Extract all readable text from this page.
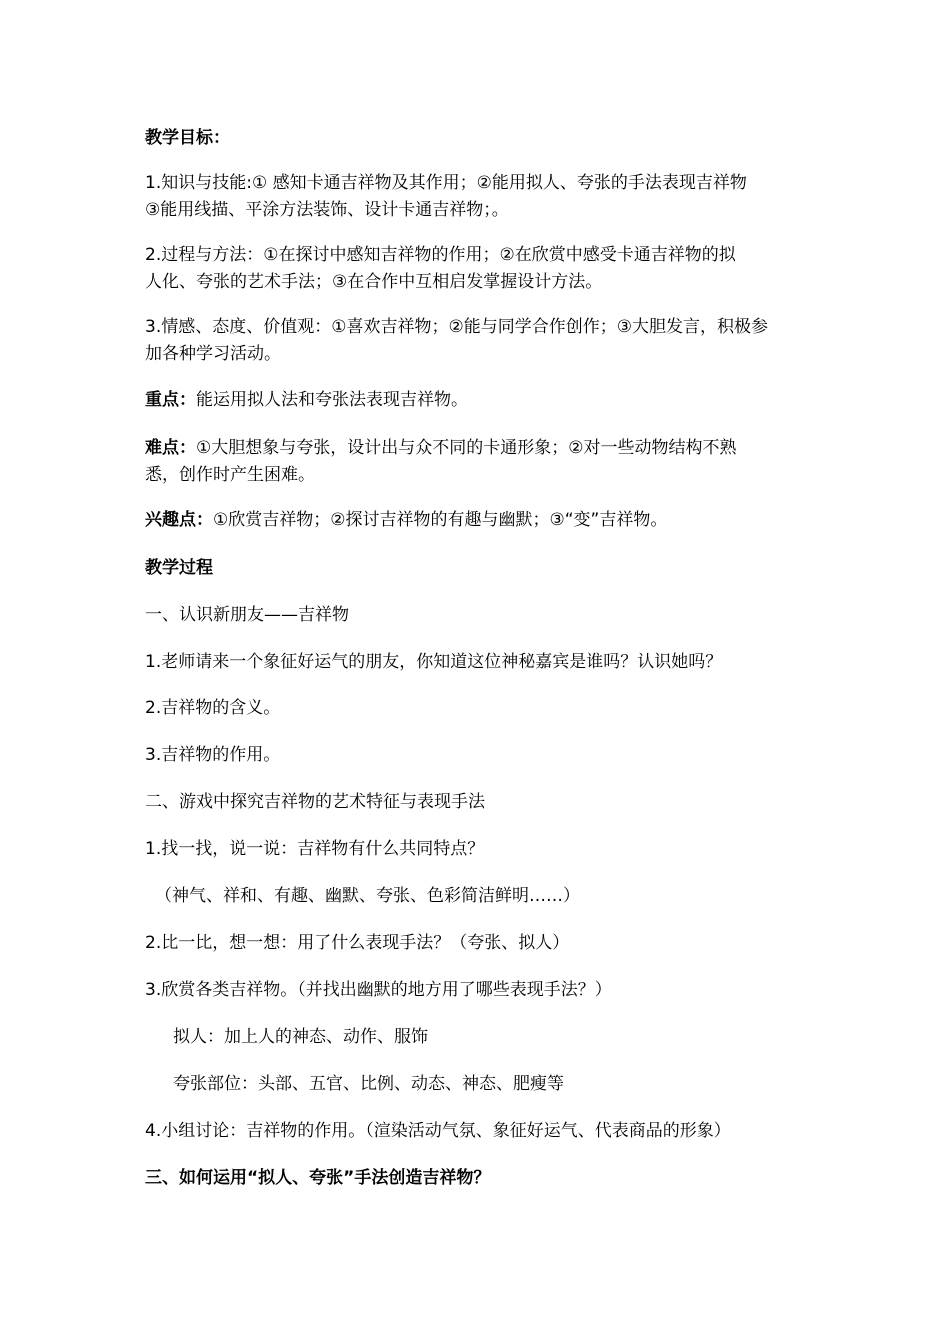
教学目标：
1.知识与技能:① 感知卡通吉祥物及其作用；②能用拟人、夸张的手法表现吉祥物
③能用线描、平涂方法装饰、设计卡通吉祥物；。
2.过程与方法：①在探讨中感知吉祥物的作用；②在欣赏中感受卡通吉祥物的拟
人化、夸张的艺术手法；③在合作中互相启发掌握设计方法。
3.情感、态度、价值观：①喜欢吉祥物；②能与同学合作创作；③大胆发言，积极参
加各种学习活动。
重点：能运用拟人法和夸张法表现吉祥物。
难点：①大胆想象与夸张，设计出与众不同的卡通形象；②对一些动物结构不熟
悉，创作时产生困难。
兴趣点：①欣赏吉祥物；②探讨吉祥物的有趣与幽默；③“变”吉祥物。
教学过程
一、认识新朋友——吉祥物
1.老师请来一个象征好运气的朋友，你知道这位神秘嘉宾是谁吗？认识她吗？
2.吉祥物的含义。
3.吉祥物的作用。
二、游戏中探究吉祥物的艺术特征与表现手法
1.找一找，说一说：吉祥物有什么共同特点？
（神气、祥和、有趣、幽默、夸张、色彩简洁鲜明……）
2.比一比，想一想：用了什么表现手法？（夸张、拟人）
3.欣赏各类吉祥物。（并找出幽默的地方用了哪些表现手法？）
拟人：加上人的神态、动作、服饰
夸张部位：头部、五官、比例、动态、神态、肥瘦等
4.小组讨论：吉祥物的作用。（渲染活动气氛、象征好运气、代表商品的形象）
三、如何运用“拟人、夸张”手法创造吉祥物？
